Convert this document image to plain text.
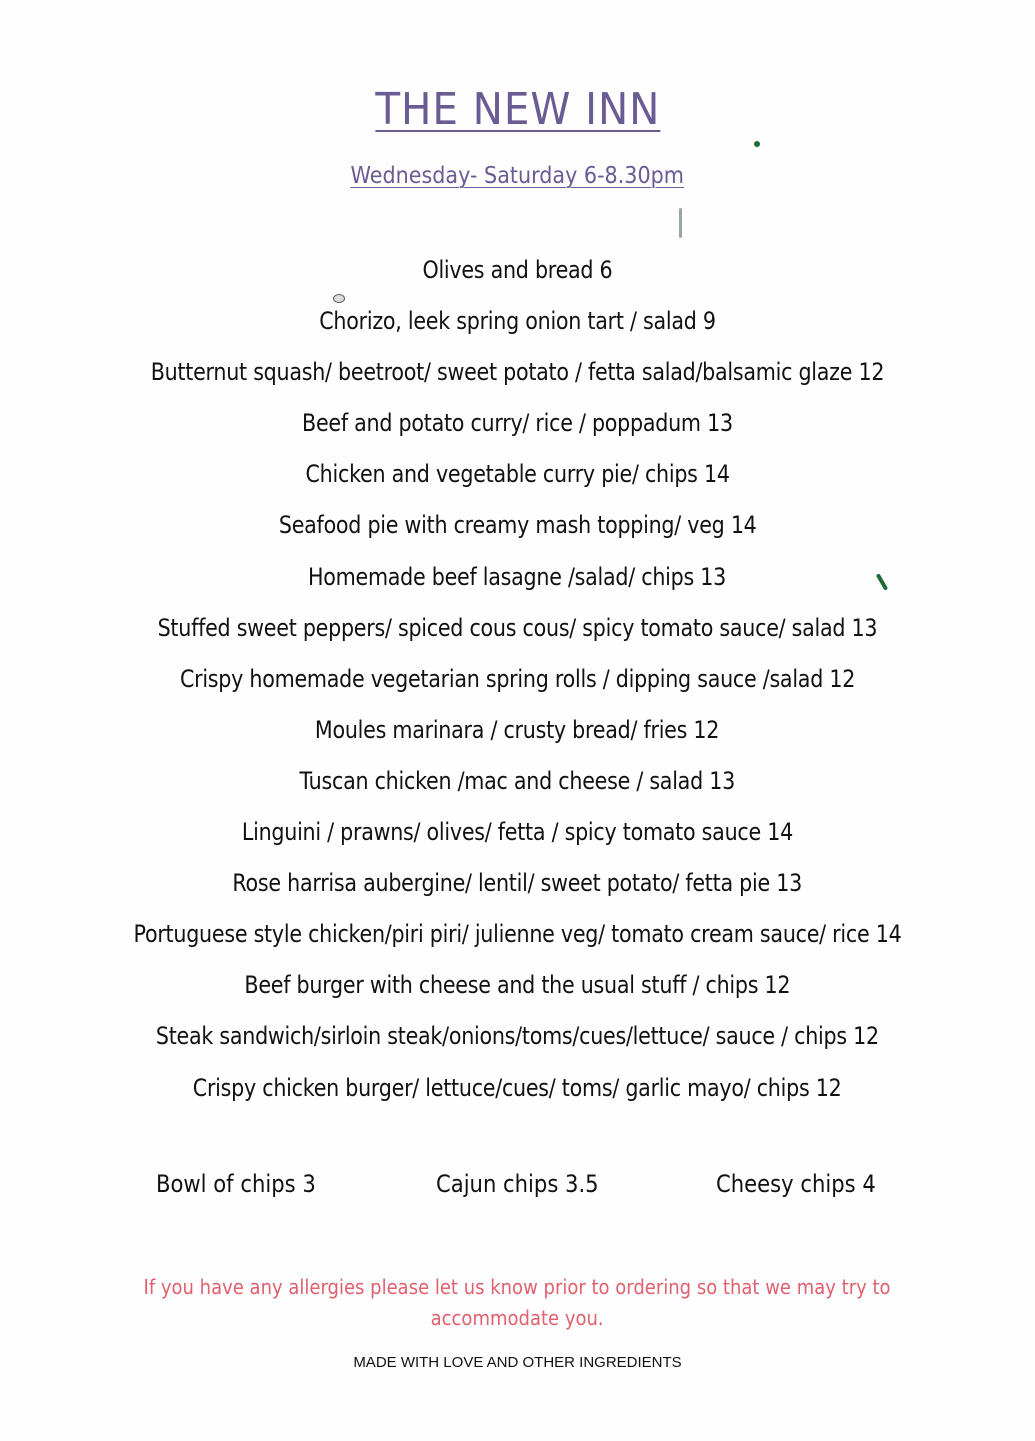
THE NEW INN
Wednesday- Saturday 6-8.30pm
Olives and bread 6
Chorizo, leek spring onion tart / salad 9
Butternut squash/ beetroot/ sweet potato / fetta salad/balsamic glaze 12
Beef and potato curry/ rice / poppadum 13
Chicken and vegetable curry pie/ chips 14
Seafood pie with creamy mash topping/ veg 14
Homemade beef lasagne /salad/ chips 13
Stuffed sweet peppers/ spiced cous cous/ spicy tomato sauce/ salad 13
Crispy homemade vegetarian spring rolls / dipping sauce /salad 12
Moules marinara / crusty bread/ fries 12
Tuscan chicken /mac and cheese / salad 13
Linguini / prawns/ olives/ fetta / spicy tomato sauce 14
Rose harrisa aubergine/ lentil/ sweet potato/ fetta pie 13
Portuguese style chicken/piri piri/ julienne veg/ tomato cream sauce/ rice 14
Beef burger with cheese and the usual stuff / chips 12
Steak sandwich/sirloin steak/onions/toms/cues/lettuce/ sauce / chips 12
Crispy chicken burger/ lettuce/cues/ toms/ garlic mayo/ chips 12
Bowl of chips 3	Cajun chips 3.5	Cheesy chips 4
If you have any allergies please let us know prior to ordering so that we may try to
accommodate you.
MADE WITH LOVE AND OTHER INGREDIENTS
